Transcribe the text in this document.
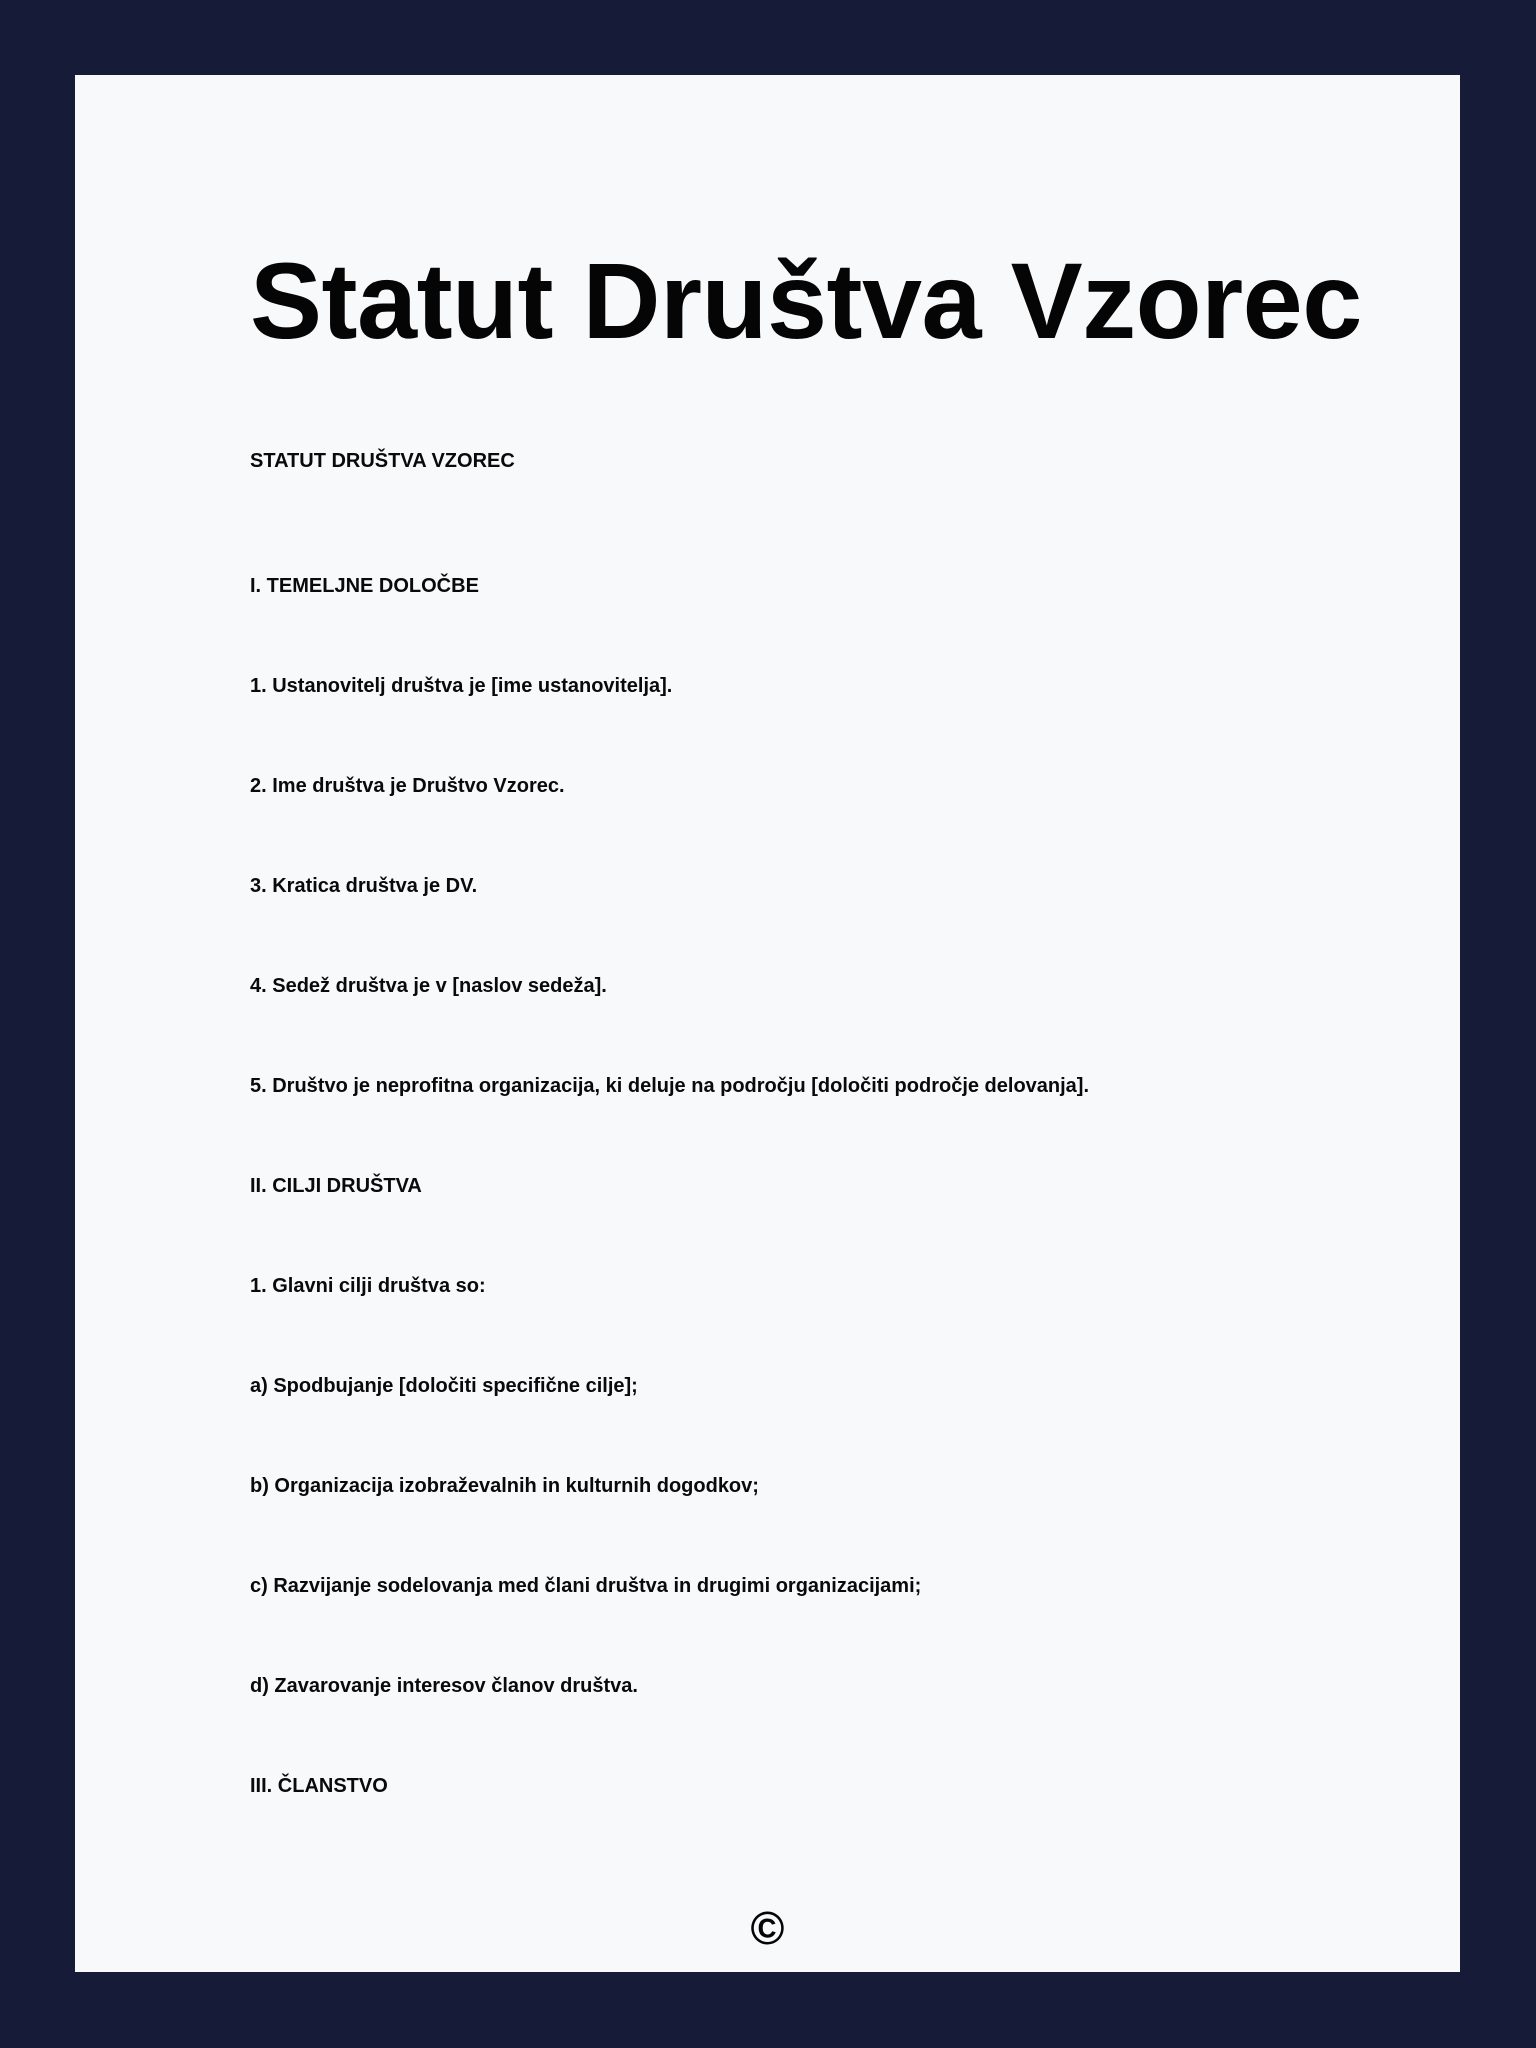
Statut Društva Vzorec

STATUT DRUŠTVA VZOREC

I. TEMELJNE DOLOČBE

1. Ustanovitelj društva je [ime ustanovitelja].

2. Ime društva je Društvo Vzorec.

3. Kratica društva je DV.

4. Sedež društva je v [naslov sedeža].

5. Društvo je neprofitna organizacija, ki deluje na področju [določiti področje delovanja].

II. CILJI DRUŠTVA

1. Glavni cilji društva so:

a) Spodbujanje [določiti specifične cilje];

b) Organizacija izobraževalnih in kulturnih dogodkov;

c) Razvijanje sodelovanja med člani društva in drugimi organizacijami;

d) Zavarovanje interesov članov društva.

III. ČLANSTVO

©
